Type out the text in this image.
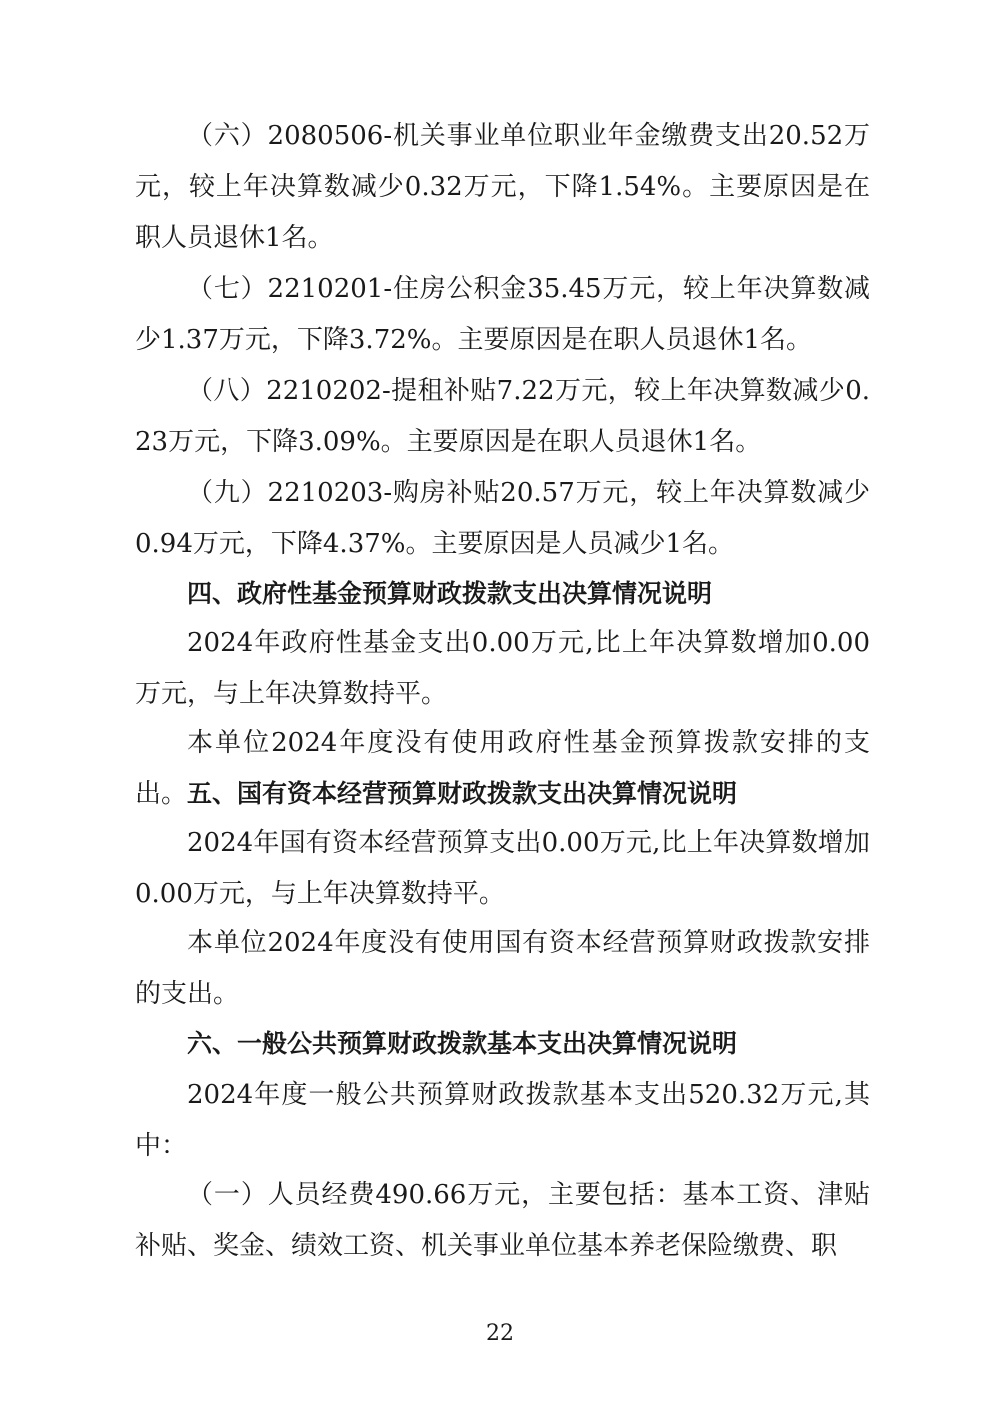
（六）2080506-机关事业单位职业年金缴费支出20.52万元，较上年决算数减少0.32万元，下降1.54%。主要原因是在职人员退休1名。

（七）2210201-住房公积金35.45万元，较上年决算数减少1.37万元，下降3.72%。主要原因是在职人员退休1名。

（八）2210202-提租补贴7.22万元，较上年决算数减少0.23万元，下降3.09%。主要原因是在职人员退休1名。

（九）2210203-购房补贴20.57万元，较上年决算数减少0.94万元，下降4.37%。主要原因是人员减少1名。

四、政府性基金预算财政拨款支出决算情况说明

2024年政府性基金支出0.00万元,比上年决算数增加0.00万元，与上年决算数持平。

本单位2024年度没有使用政府性基金预算拨款安排的支出。 五、国有资本经营预算财政拨款支出决算情况说明

2024年国有资本经营预算支出0.00万元,比上年决算数增加0.00万元，与上年决算数持平。

本单位2024年度没有使用国有资本经营预算财政拨款安排的支出。

六、一般公共预算财政拨款基本支出决算情况说明

2024年度一般公共预算财政拨款基本支出520.32万元,其中：

（一）人员经费490.66万元，主要包括：基本工资、津贴补贴、奖金、绩效工资、机关事业单位基本养老保险缴费、职

22
